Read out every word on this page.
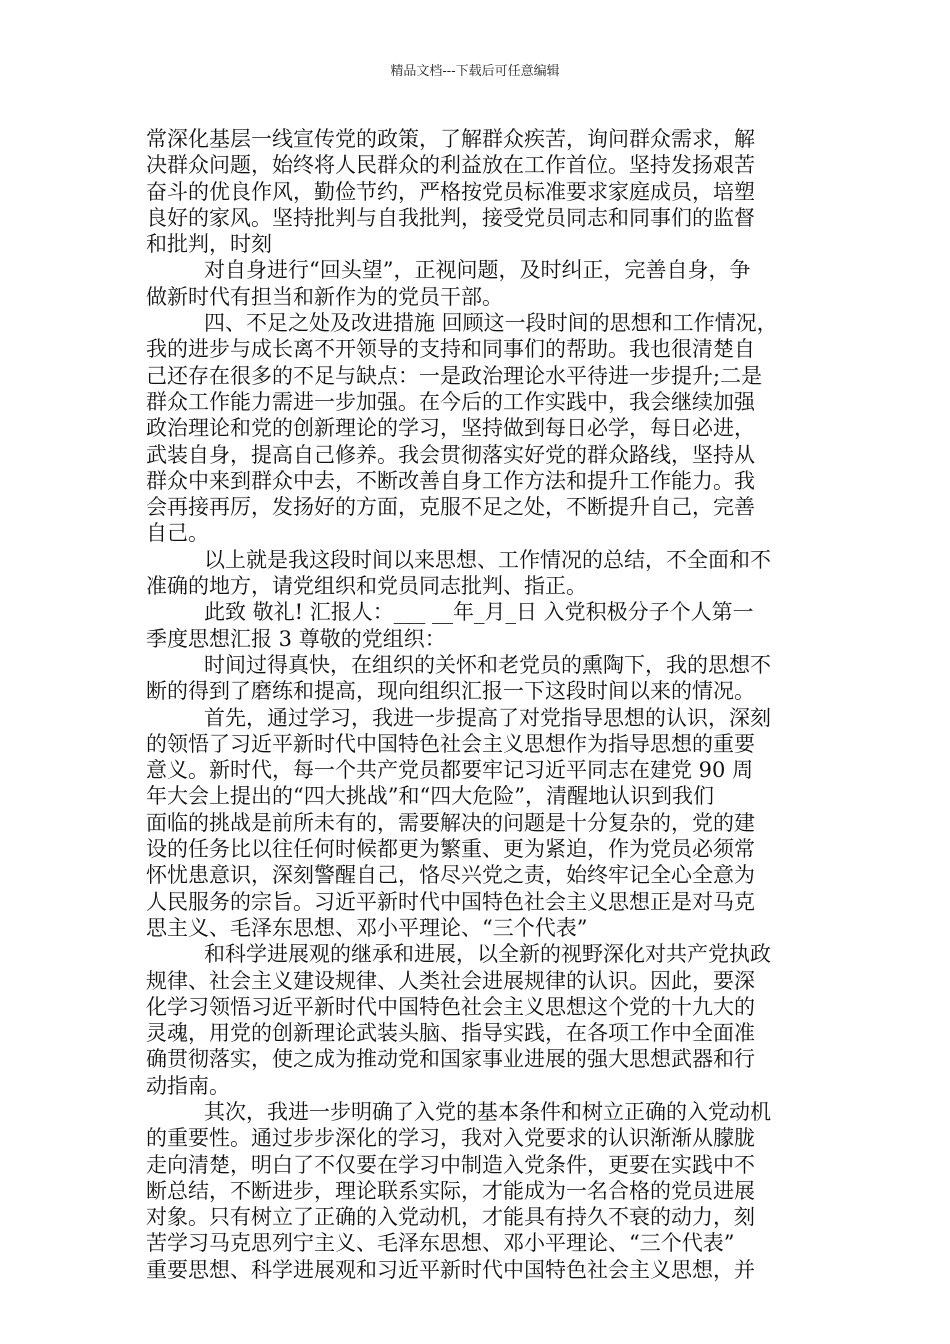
精品文档---下载后可任意编辑
常深化基层一线宣传党的政策，了解群众疾苦，询问群众需求，解
决群众问题，始终将人民群众的利益放在工作首位。坚持发扬艰苦
奋斗的优良作风，勤俭节约，严格按党员标准要求家庭成员，培塑
良好的家风。坚持批判与自我批判，接受党员同志和同事们的监督
和批判，时刻
对自身进行“回头望”，正视问题，及时纠正，完善自身，争
做新时代有担当和新作为的党员干部。
四、不足之处及改进措施 回顾这一段时间的思想和工作情况，
我的进步与成长离不开领导的支持和同事们的帮助。我也很清楚自
己还存在很多的不足与缺点：一是政治理论水平待进一步提升;二是
群众工作能力需进一步加强。在今后的工作实践中，我会继续加强
政治理论和党的创新理论的学习，坚持做到每日必学，每日必进，
武装自身，提高自己修养。我会贯彻落实好党的群众路线，坚持从
群众中来到群众中去，不断改善自身工作方法和提升工作能力。我
会再接再厉，发扬好的方面，克服不足之处，不断提升自己，完善
自己。
以上就是我这段时间以来思想、工作情况的总结，不全面和不
准确的地方，请党组织和党员同志批判、指正。
此致 敬礼! 汇报人：___ __年_月_日 入党积极分子个人第一
季度思想汇报 3 尊敬的党组织：
时间过得真快，在组织的关怀和老党员的熏陶下，我的思想不
断的得到了磨练和提高，现向组织汇报一下这段时间以来的情况。
首先，通过学习，我进一步提高了对党指导思想的认识，深刻
的领悟了习近平新时代中国特色社会主义思想作为指导思想的重要
意义。新时代，每一个共产党员都要牢记习近平同志在建党 90 周
年大会上提出的“四大挑战”和“四大危险”，清醒地认识到我们
面临的挑战是前所未有的，需要解决的问题是十分复杂的，党的建
设的任务比以往任何时候都更为繁重、更为紧迫，作为党员必须常
怀忧患意识，深刻警醒自己，恪尽兴党之责，始终牢记全心全意为
人民服务的宗旨。习近平新时代中国特色社会主义思想正是对马克
思主义、毛泽东思想、邓小平理论、“三个代表”
和科学进展观的继承和进展，以全新的视野深化对共产党执政
规律、社会主义建设规律、人类社会进展规律的认识。因此，要深
化学习领悟习近平新时代中国特色社会主义思想这个党的十九大的
灵魂，用党的创新理论武装头脑、指导实践，在各项工作中全面准
确贯彻落实，使之成为推动党和国家事业进展的强大思想武器和行
动指南。
其次，我进一步明确了入党的基本条件和树立正确的入党动机
的重要性。通过步步深化的学习，我对入党要求的认识渐渐从朦胧
走向清楚，明白了不仅要在学习中制造入党条件，更要在实践中不
断总结，不断进步，理论联系实际，才能成为一名合格的党员进展
对象。只有树立了正确的入党动机，才能具有持久不衰的动力，刻
苦学习马克思列宁主义、毛泽东思想、邓小平理论、“三个代表”
重要思想、科学进展观和习近平新时代中国特色社会主义思想，并
